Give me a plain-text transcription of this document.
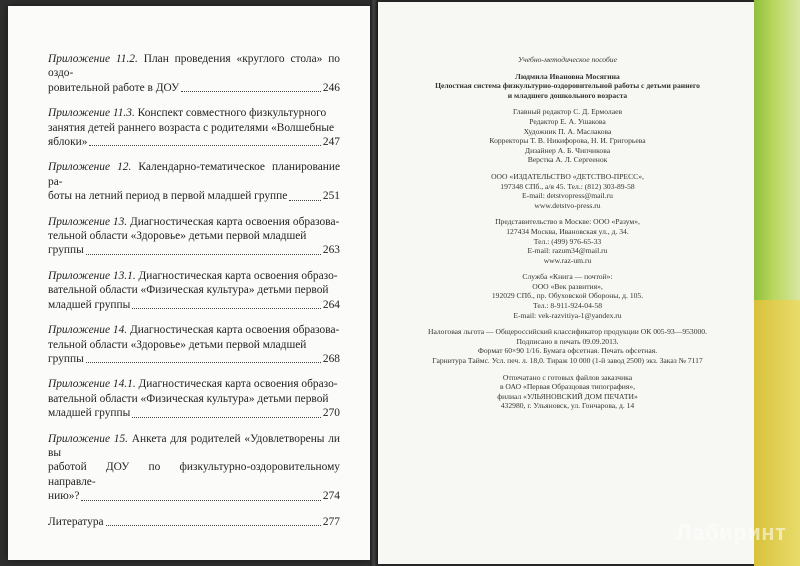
Приложение 11.2. План проведения «круглого стола» по оздо-
ровительной работе в ДОУ	246
Приложение 11.3. Конспект совместного физкультурного
занятия детей раннего возраста с родителями «Волшебные
яблоки»	247
Приложение 12. Календарно-тематическое планирование ра-
боты на летний период в первой младшей группе	251
Приложение 13. Диагностическая карта освоения образова-
тельной области «Здоровье» детьми первой младшей
группы	263
Приложение 13.1. Диагностическая карта освоения образо-
вательной области «Физическая культура» детьми первой
младшей группы	264
Приложение 14. Диагностическая карта освоения образова-
тельной области «Здоровье» детьми первой младшей
группы	268
Приложение 14.1. Диагностическая карта освоения образо-
вательной области «Физическая культура» детьми первой
младшей группы	270
Приложение 15. Анкета для родителей «Удовлетворены ли вы
работой ДОУ по физкультурно-оздоровительному направле-
нию»?	274
Литература	277
Учебно-методическое пособие
Людмила Ивановна Мосягина
Целостная система физкультурно-оздоровительной работы с детьми раннего
и младшего дошкольного возраста
Главный редактор С. Д. Ермолаев
Редактор Е. А. Ушакова
Художник П. А. Маслакова
Корректоры Т. В. Никифорова, Н. И. Григорьева
Дизайнер А. Б. Чипчикова
Верстка А. Л. Сергеенок
ООО «ИЗДАТЕЛЬСТВО «ДЕТСТВО-ПРЕСС»,
197348 СПб., а/я 45. Тел.: (812) 303-89-58
E-mail: detstvopress@mail.ru
www.detstvo-press.ru
Представительство в Москве: ООО «Разум»,
127434 Москва, Ивановская ул., д. 34.
Тел.: (499) 976-65-33
E-mail: razum34@mail.ru
www.raz-um.ru
Служба «Книга — почтой»:
ООО «Век развития»,
192029 СПб., пр. Обуховской Обороны, д. 105.
Тел.: 8-911-924-04-58
E-mail: vek-razvitiya-1@yandex.ru
Налоговая льгота — Общероссийский классификатор продукции ОК 005-93—953000.
Подписано в печать 09.09.2013.
Формат 60×90 1/16. Бумага офсетная. Печать офсетная.
Гарнитура Таймс. Усл. печ. л. 18,0. Тираж 10 000 (1-й завод 2500) экз. Заказ № 7117
Отпечатано с готовых файлов заказчика
в ОАО «Первая Образцовая типография»,
филиал «УЛЬЯНОВСКИЙ ДОМ ПЕЧАТИ»
432980, г. Ульяновск, ул. Гончарова, д. 14
Лабиринт
